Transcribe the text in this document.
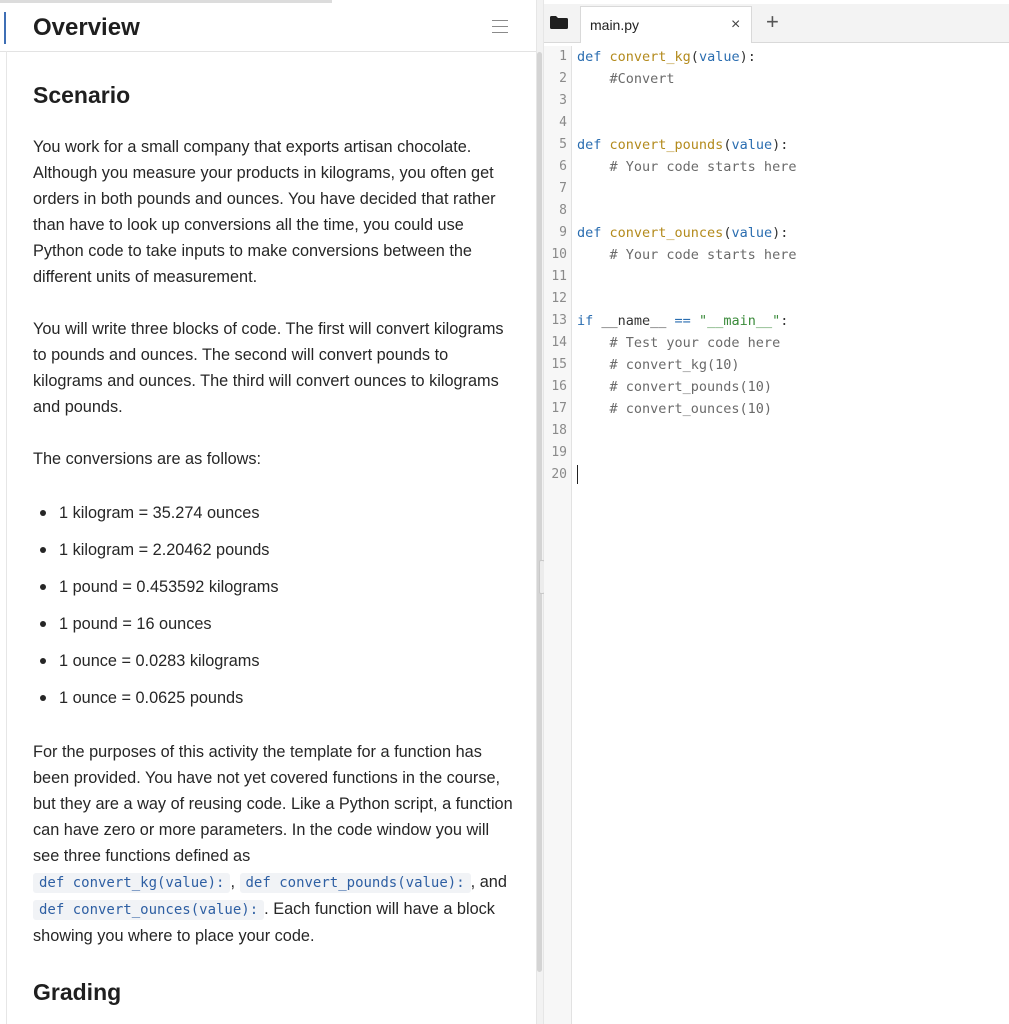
Overview
Scenario
You work for a small company that exports artisan chocolate. Although you measure your products in kilograms, you often get orders in both pounds and ounces. You have decided that rather than have to look up conversions all the time, you could use Python code to take inputs to make conversions between the different units of measurement.
You will write three blocks of code. The first will convert kilograms to pounds and ounces. The second will convert pounds to kilograms and ounces. The third will convert ounces to kilograms and pounds.
The conversions are as follows:
1 kilogram = 35.274 ounces
1 kilogram = 2.20462 pounds
1 pound = 0.453592 kilograms
1 pound = 16 ounces
1 ounce = 0.0283 kilograms
1 ounce = 0.0625 pounds
For the purposes of this activity the template for a function has been provided. You have not yet covered functions in the course, but they are a way of reusing code. Like a Python script, a function can have zero or more parameters. In the code window you will see three functions defined as
def convert_kg(value): , def convert_pounds(value): , and
def convert_ounces(value): . Each function will have a block showing you where to place your code.
Grading
main.py	× +
1
2
3
4
5
6
7
8
9
10
11
12
13
14
15
16
17
18
19
20
def convert_kg(value):
#Convert
def convert_pounds(value):
# Your code starts here
def convert_ounces(value):
# Your code starts here
if __name__ == "__main__":
# Test your code here
# convert_kg(10)
# convert_pounds(10)
# convert_ounces(10)
